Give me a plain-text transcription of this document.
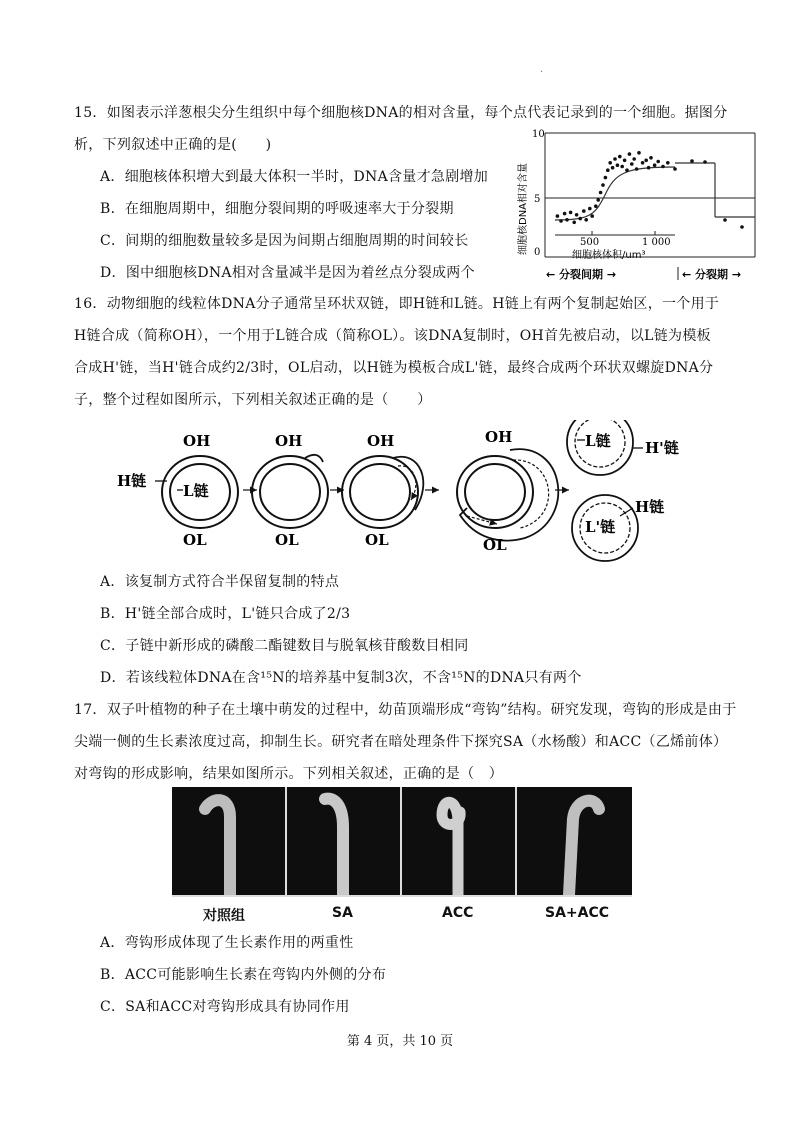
.
15．如图表示洋葱根尖分生组织中每个细胞核DNA的相对含量，每个点代表记录到的一个细胞。据图分
析，下列叙述中正确的是(　　)
A．细胞核体积增大到最大体积一半时，DNA含量才急剧增加
B．在细胞周期中，细胞分裂间期的呼吸速率大于分裂期
C．间期的细胞数量较多是因为间期占细胞周期的时间较长
D．图中细胞核DNA相对含量减半是因为着丝点分裂成两个
细胞核DNA相对含量
10
5
0
500	1 000
细胞核体积/um³
← 分裂间期 →	← 分裂期 →
16．动物细胞的线粒体DNA分子通常呈环状双链，即H链和L链。H链上有两个复制起始区，一个用于
H链合成（简称OH），一个用于L链合成（简称OL）。该DNA复制时，OH首先被启动，以L链为模板
合成H'链，当H'链合成约2/3时，OL启动，以H链为模板合成L'链，最终合成两个环状双螺旋DNA分
子，整个过程如图所示，下列相关叙述正确的是（　　）
OH
H链
L链
OL
OH
OL
OH
OL
OH
OL
L链 H'链
H链
L'链
A．该复制方式符合半保留复制的特点
B．H'链全部合成时，L'链只合成了2/3
C．子链中新形成的磷酸二酯键数目与脱氧核苷酸数目相同
D．若该线粒体DNA在含¹⁵N的培养基中复制3次，不含¹⁵N的DNA只有两个
17．双子叶植物的种子在土壤中萌发的过程中，幼苗顶端形成“弯钩”结构。研究发现，弯钩的形成是由于
尖端一侧的生长素浓度过高，抑制生长。研究者在暗处理条件下探究SA（水杨酸）和ACC（乙烯前体）
对弯钩的形成影响，结果如图所示。下列相关叙述，正确的是（　）
对照组	SA	ACC	SA+ACC
A．弯钩形成体现了生长素作用的两重性
B．ACC可能影响生长素在弯钩内外侧的分布
C．SA和ACC对弯钩形成具有协同作用
第 4 页，共 10 页
